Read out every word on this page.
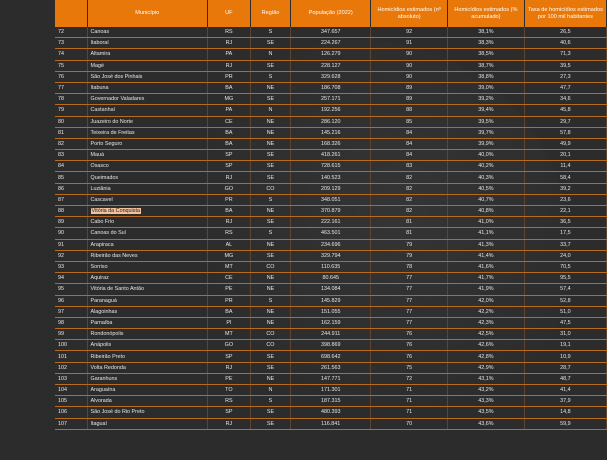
	Município	UF	Região	População (2022)	Homicídios estimados (nº absoluto)	Homicídios estimados (% acumulado)	Taxa de homicídios estimados por 100 mil habitantes
72	Canoas	RS	S	347.657	92	38,1%	26,5
73	Itaboraí	RJ	SE	224.267	91	38,3%	40,6
74	Altamira	PA	N	126.279	90	38,5%	71,3
75	Magé	RJ	SE	228.127	90	38,7%	39,5
76	São José dos Pinhais	PR	S	329.628	90	38,8%	27,3
77	Itabuna	BA	NE	186.708	89	39,0%	47,7
78	Governador Valadares	MG	SE	257.171	89	39,2%	34,6
79	Castanhal	PA	N	192.256	88	39,4%	45,8
80	Juazeiro do Norte	CE	NE	286.120	85	39,5%	29,7
81	Teixeira de Freitas	BA	NE	145.216	84	39,7%	57,8
82	Porto Seguro	BA	NE	168.326	84	39,9%	49,9
83	Mauá	SP	SE	418.261	84	40,0%	20,1
84	Osasco	SP	SE	728.615	83	40,2%	11,4
85	Queimados	RJ	SE	140.523	82	40,3%	58,4
86	Luziânia	GO	CO	209.129	82	40,5%	39,2
87	Cascavel	PR	S	348.051	82	40,7%	23,6
88	Vitória da Conquista	BA	NE	370.879	82	40,8%	22,1
89	Cabo Frio	RJ	SE	222.161	81	41,0%	36,5
90	Canoas do Sul	RS	S	463.501	81	41,1%	17,5
91	Arapiraca	AL	NE	234.696	79	41,3%	33,7
92	Ribeirão das Neves	MG	SE	329.794	79	41,4%	24,0
93	Sorriso	MT	CO	110.635	78	41,6%	70,5
94	Aquiraz	CE	NE	80.645	77	41,7%	95,5
95	Vitória de Santo Antão	PE	NE	134.084	77	41,9%	57,4
96	Paranaguá	PR	S	145.829	77	42,0%	52,8
97	Alagoinhas	BA	NE	151.055	77	42,2%	51,0
98	Parnaíba	PI	NE	162.159	77	42,3%	47,5
99	Rondonópolis	MT	CO	244.911	76	42,5%	31,0
100	Anápolis	GO	CO	398.869	76	42,6%	19,1
101	Ribeirão Preto	SP	SE	698.642	76	42,8%	10,9
102	Volta Redonda	RJ	SE	261.563	75	42,9%	28,7
103	Garanhuns	PE	NE	147.771	72	43,1%	48,7
104	Araguaína	TO	N	171.301	71	43,2%	41,4
105	Alvorada	RS	S	187.315	71	43,3%	37,9
106	São José do Rio Preto	SP	SE	480.393	71	43,5%	14,8
107	Itaguaí	RJ	SE	116.841	70	43,6%	59,9
